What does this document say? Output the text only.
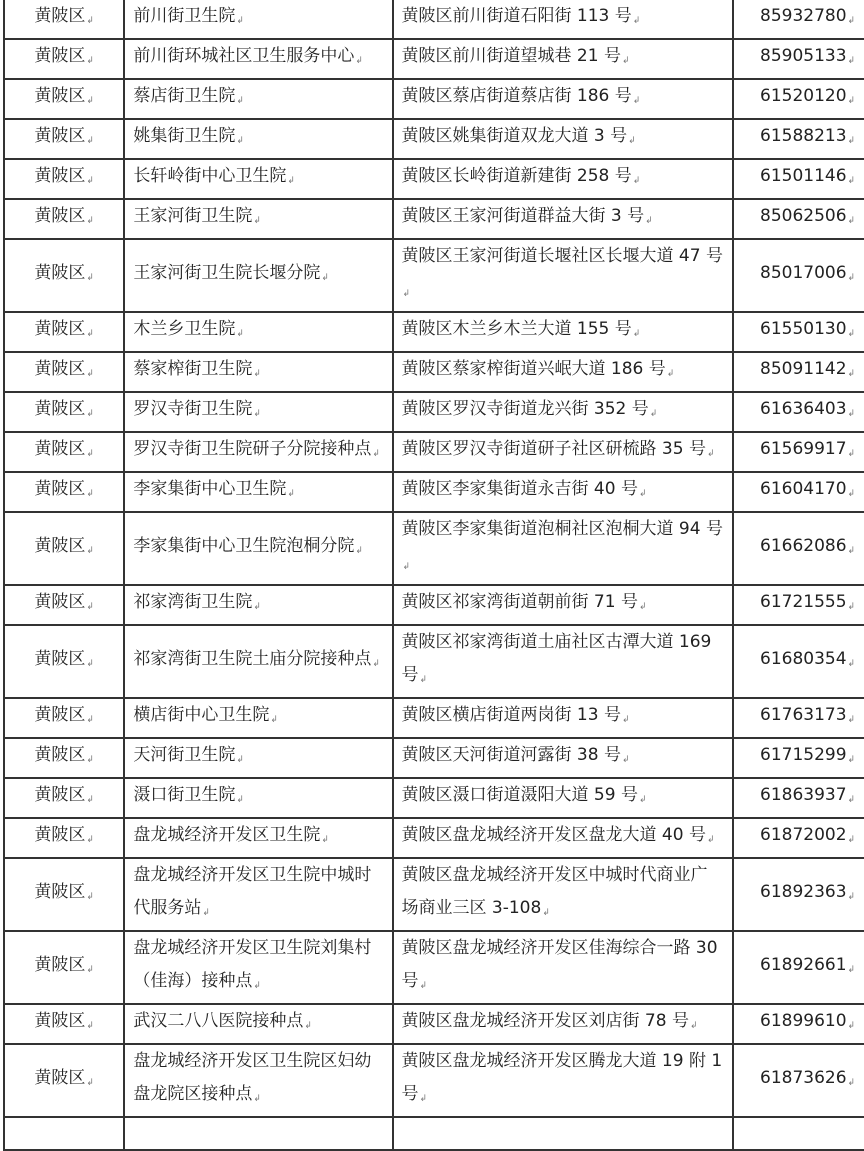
黄陂区 ↲	前川街卫生院 ↲	黄陂区前川街道石阳街 113 号 ↲	85932780 ↲
黄陂区 ↲	前川街环城社区卫生服务中心 ↲	黄陂区前川街道望城巷 21 号 ↲	85905133 ↲
黄陂区 ↲	蔡店街卫生院 ↲	黄陂区蔡店街道蔡店街 186 号 ↲	61520120 ↲
黄陂区 ↲	姚集街卫生院 ↲	黄陂区姚集街道双龙大道 3 号 ↲	61588213 ↲
黄陂区 ↲	长轩岭街中心卫生院 ↲	黄陂区长岭街道新建街 258 号 ↲	61501146 ↲
黄陂区 ↲	王家河街卫生院 ↲	黄陂区王家河街道群益大街 3 号 ↲	85062506 ↲
黄陂区 ↲	王家河街卫生院长堰分院 ↲	黄陂区王家河街道长堰社区长堰大道 47 号 ↲	85017006 ↲
黄陂区 ↲	木兰乡卫生院 ↲	黄陂区木兰乡木兰大道 155 号 ↲	61550130 ↲
黄陂区 ↲	蔡家榨街卫生院 ↲	黄陂区蔡家榨街道兴岷大道 186 号 ↲	85091142 ↲
黄陂区 ↲	罗汉寺街卫生院 ↲	黄陂区罗汉寺街道龙兴街 352 号 ↲	61636403 ↲
黄陂区 ↲	罗汉寺街卫生院研子分院接种点 ↲	黄陂区罗汉寺街道研子社区研梳路 35 号 ↲	61569917 ↲
黄陂区 ↲	李家集街中心卫生院 ↲	黄陂区李家集街道永吉街 40 号 ↲	61604170 ↲
黄陂区 ↲	李家集街中心卫生院泡桐分院 ↲	黄陂区李家集街道泡桐社区泡桐大道 94 号 ↲	61662086 ↲
黄陂区 ↲	祁家湾街卫生院 ↲	黄陂区祁家湾街道朝前街 71 号 ↲	61721555 ↲
黄陂区 ↲	祁家湾街卫生院土庙分院接种点 ↲	黄陂区祁家湾街道土庙社区古潭大道 169 号 ↲	61680354 ↲
黄陂区 ↲	横店街中心卫生院 ↲	黄陂区横店街道两岗街 13 号 ↲	61763173 ↲
黄陂区 ↲	天河街卫生院 ↲	黄陂区天河街道河露街 38 号 ↲	61715299 ↲
黄陂区 ↲	滠口街卫生院 ↲	黄陂区滠口街道滠阳大道 59 号 ↲	61863937 ↲
黄陂区 ↲	盘龙城经济开发区卫生院 ↲	黄陂区盘龙城经济开发区盘龙大道 40 号 ↲	61872002 ↲
黄陂区 ↲	盘龙城经济开发区卫生院中城时代服务站 ↲	黄陂区盘龙城经济开发区中城时代商业广场商业三区 3-108 ↲	61892363 ↲
黄陂区 ↲	盘龙城经济开发区卫生院刘集村（佳海）接种点 ↲	黄陂区盘龙城经济开发区佳海综合一路 30 号 ↲	61892661 ↲
黄陂区 ↲	武汉二八八医院接种点 ↲	黄陂区盘龙城经济开发区刘店街 78 号 ↲	61899610 ↲
黄陂区 ↲	盘龙城经济开发区卫生院区妇幼盘龙院区接种点 ↲	黄陂区盘龙城经济开发区腾龙大道 19 附 1 号 ↲	61873626 ↲
